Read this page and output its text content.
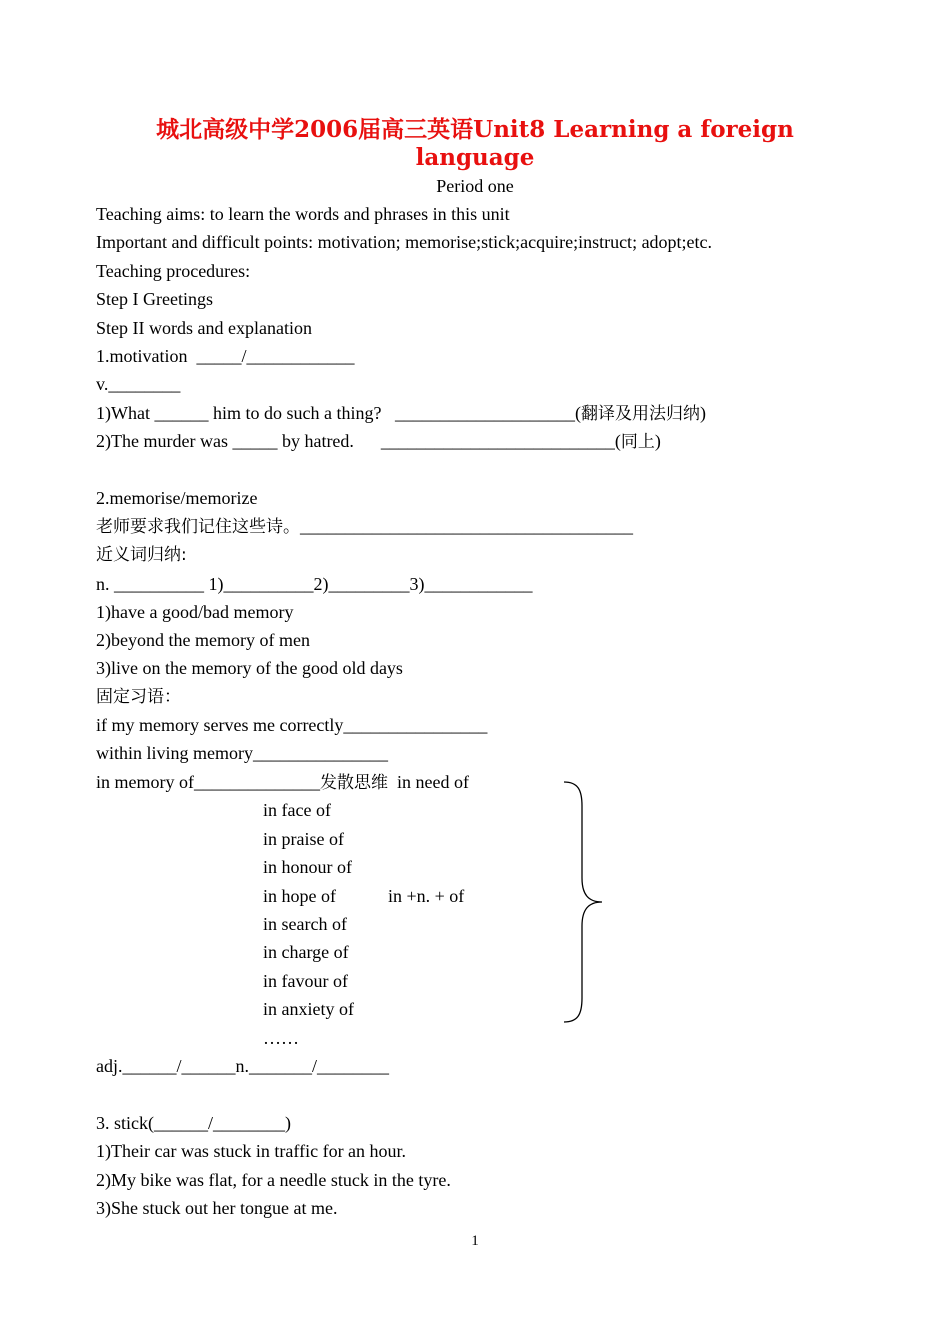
城北高级中学2006届高三英语Unit8 Learning a foreign
language
Period one
Teaching aims: to learn the words and phrases in this unit
Important and difficult points: motivation; memorise;stick;acquire;instruct; adopt;etc.
Teaching procedures:
Step I Greetings
Step II words and explanation
1.motivation  _____/____________
v.________
1)What ______ him to do such a thing?   ____________________(翻译及用法归纳)
2)The murder was _____ by hatred.      __________________________(同上)
2.memorise/memorize
老师要求我们记住这些诗。_____________________________________
近义词归纳:
n. __________ 1)__________2)_________3)____________
1)have a good/bad memory
2)beyond the memory of men
3)live on the memory of the good old days
固定习语：
if my memory serves me correctly________________
within living memory_______________
in memory of______________发散思维  in need of
in face of
in praise of
in honour of
in hope of	in +n. + of
in search of
in charge of
in favour of
in anxiety of
……
adj.______/______n._______/________
3. stick(______/________)
1)Their car was stuck in traffic for an hour.
2)My bike was flat, for a needle stuck in the tyre.
3)She stuck out her tongue at me.
1
